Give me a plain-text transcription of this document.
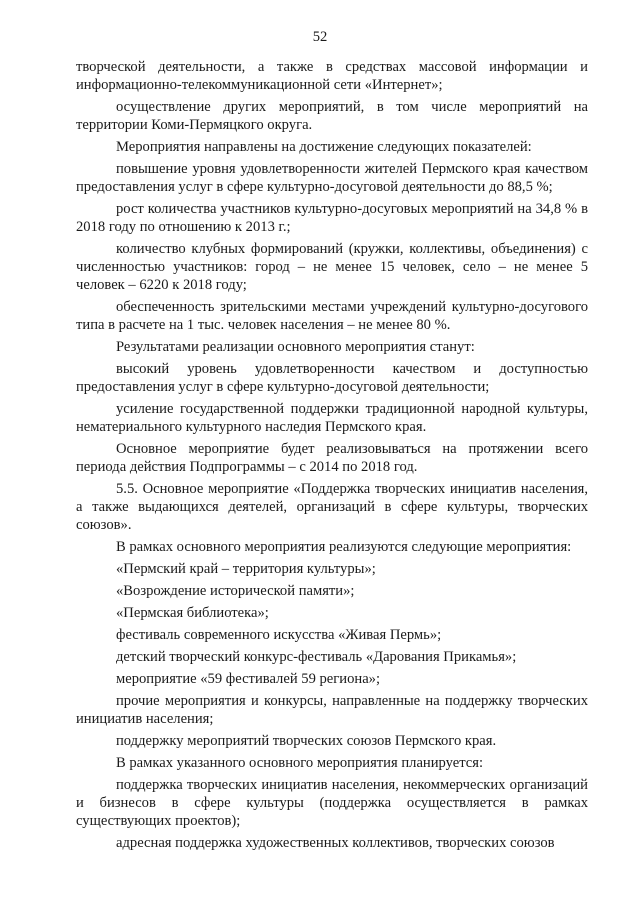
52

творческой деятельности, а также в средствах массовой информации и информационно-телекоммуникационной сети «Интернет»;

осуществление других мероприятий, в том числе мероприятий на территории Коми-Пермяцкого округа.

Мероприятия направлены на достижение следующих показателей:

повышение уровня удовлетворенности жителей Пермского края качеством предоставления услуг в сфере культурно-досуговой деятельности до 88,5 %;

рост количества участников культурно-досуговых мероприятий на 34,8 % в 2018 году по отношению к 2013 г.;

количество клубных формирований (кружки, коллективы, объединения) с численностью участников: город – не менее 15 человек, село – не менее 5 человек – 6220 к 2018 году;

обеспеченность зрительскими местами учреждений культурно-досугового типа в расчете на 1 тыс. человек населения – не менее 80 %.

Результатами реализации основного мероприятия станут:

высокий уровень удовлетворенности качеством и доступностью предоставления услуг в сфере культурно-досуговой деятельности;

усиление государственной поддержки традиционной народной культуры, нематериального культурного наследия Пермского края.

Основное мероприятие будет реализовываться на протяжении всего периода действия Подпрограммы – с 2014 по 2018 год.

5.5. Основное мероприятие «Поддержка творческих инициатив населения, а также выдающихся деятелей, организаций в сфере культуры, творческих союзов».

В рамках основного мероприятия реализуются следующие мероприятия:

«Пермский край – территория культуры»;

«Возрождение исторической памяти»;

«Пермская библиотека»;

фестиваль современного искусства «Живая Пермь»;

детский творческий конкурс-фестиваль «Дарования Прикамья»;

мероприятие «59 фестивалей 59 региона»;

прочие мероприятия и конкурсы, направленные на поддержку творческих инициатив населения;

поддержку мероприятий творческих союзов Пермского края.

В рамках указанного основного мероприятия планируется:

поддержка творческих инициатив населения, некоммерческих организаций и бизнесов в сфере культуры (поддержка осуществляется в рамках существующих проектов);

адресная поддержка художественных коллективов, творческих союзов
